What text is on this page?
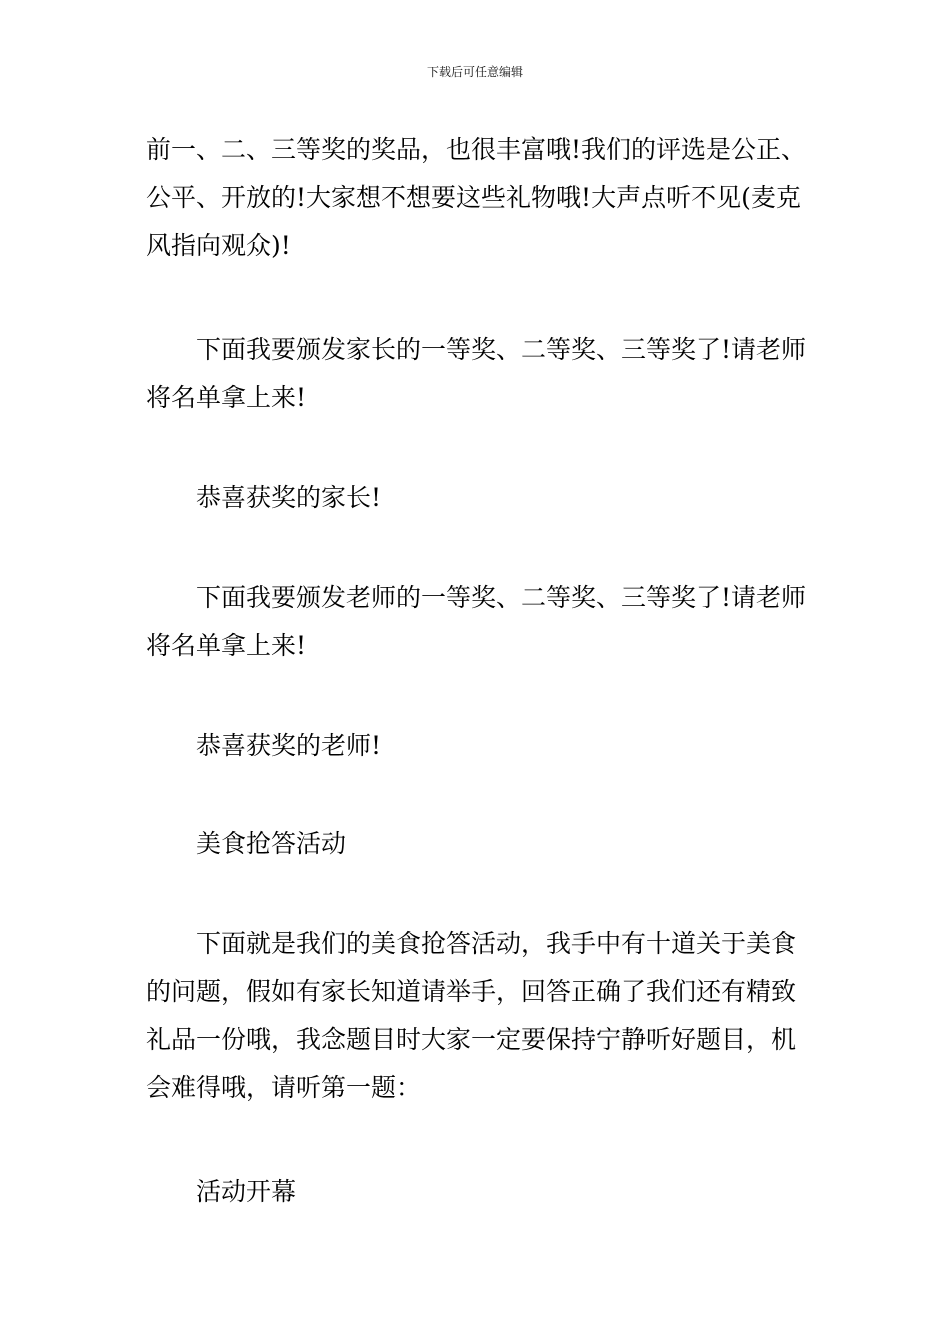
下载后可任意编辑

前一、二、三等奖的奖品，也很丰富哦!我们的评选是公正、公平、开放的!大家想不想要这些礼物哦!大声点听不见(麦克风指向观众)!

下面我要颁发家长的一等奖、二等奖、三等奖了!请老师将名单拿上来!

恭喜获奖的家长!

下面我要颁发老师的一等奖、二等奖、三等奖了!请老师将名单拿上来!

恭喜获奖的老师!

美食抢答活动

下面就是我们的美食抢答活动，我手中有十道关于美食的问题，假如有家长知道请举手，回答正确了我们还有精致礼品一份哦，我念题目时大家一定要保持宁静听好题目，机会难得哦，请听第一题：

活动开幕
